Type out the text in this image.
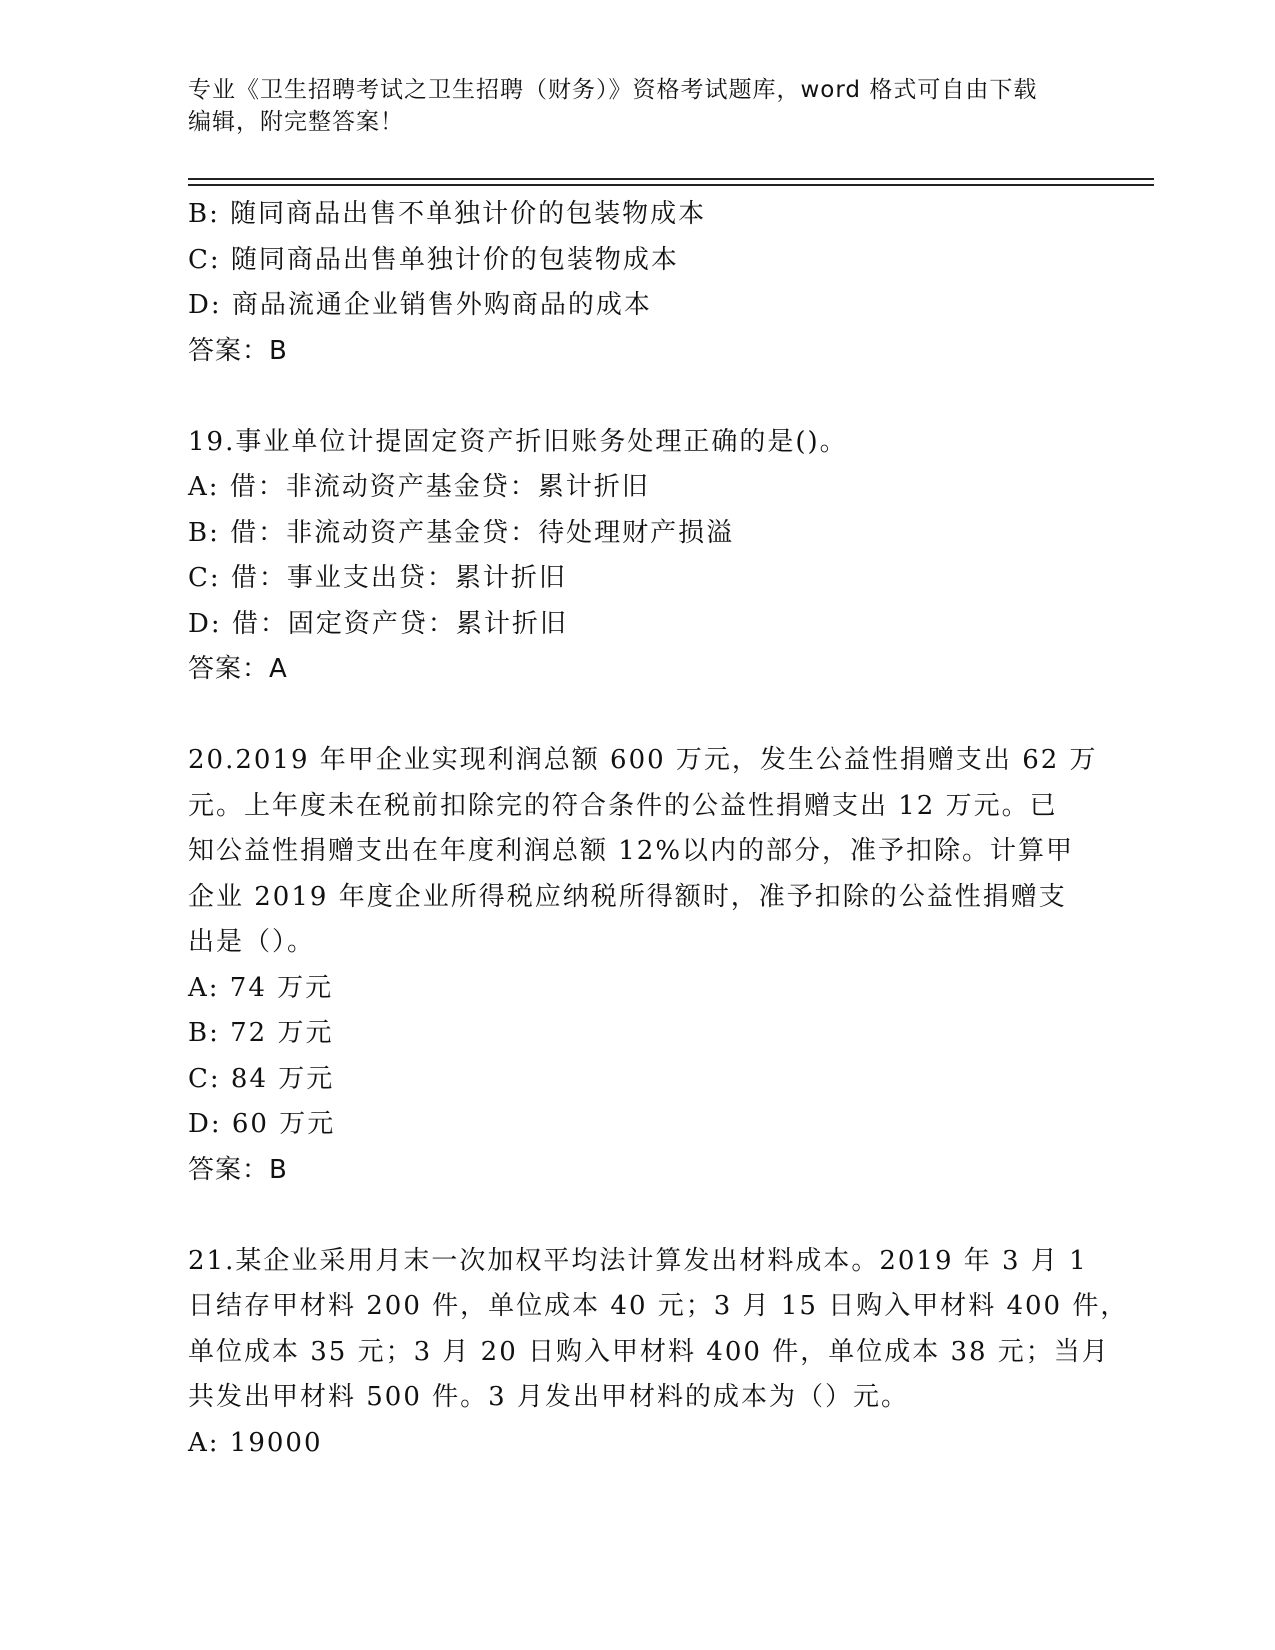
专业《卫生招聘考试之卫生招聘（财务）》资格考试题库，word 格式可自由下载
编辑，附完整答案！
B: 随同商品出售不单独计价的包装物成本
C: 随同商品出售单独计价的包装物成本
D: 商品流通企业销售外购商品的成本
答案：B
19.事业单位计提固定资产折旧账务处理正确的是()。
A: 借：非流动资产基金贷：累计折旧
B: 借：非流动资产基金贷：待处理财产损溢
C: 借：事业支出贷：累计折旧
D: 借：固定资产贷：累计折旧
答案：A
20.2019 年甲企业实现利润总额 600 万元，发生公益性捐赠支出 62 万
元。上年度未在税前扣除完的符合条件的公益性捐赠支出 12 万元。已
知公益性捐赠支出在年度利润总额 12%以内的部分，准予扣除。计算甲
企业 2019 年度企业所得税应纳税所得额时，准予扣除的公益性捐赠支
出是（）。
A: 74 万元
B: 72 万元
C: 84 万元
D: 60 万元
答案：B
21.某企业采用月末一次加权平均法计算发出材料成本。2019 年 3 月 1
日结存甲材料 200 件，单位成本 40 元；3 月 15 日购入甲材料 400 件，
单位成本 35 元；3 月 20 日购入甲材料 400 件，单位成本 38 元；当月
共发出甲材料 500 件。3 月发出甲材料的成本为（）元。
A: 19000
